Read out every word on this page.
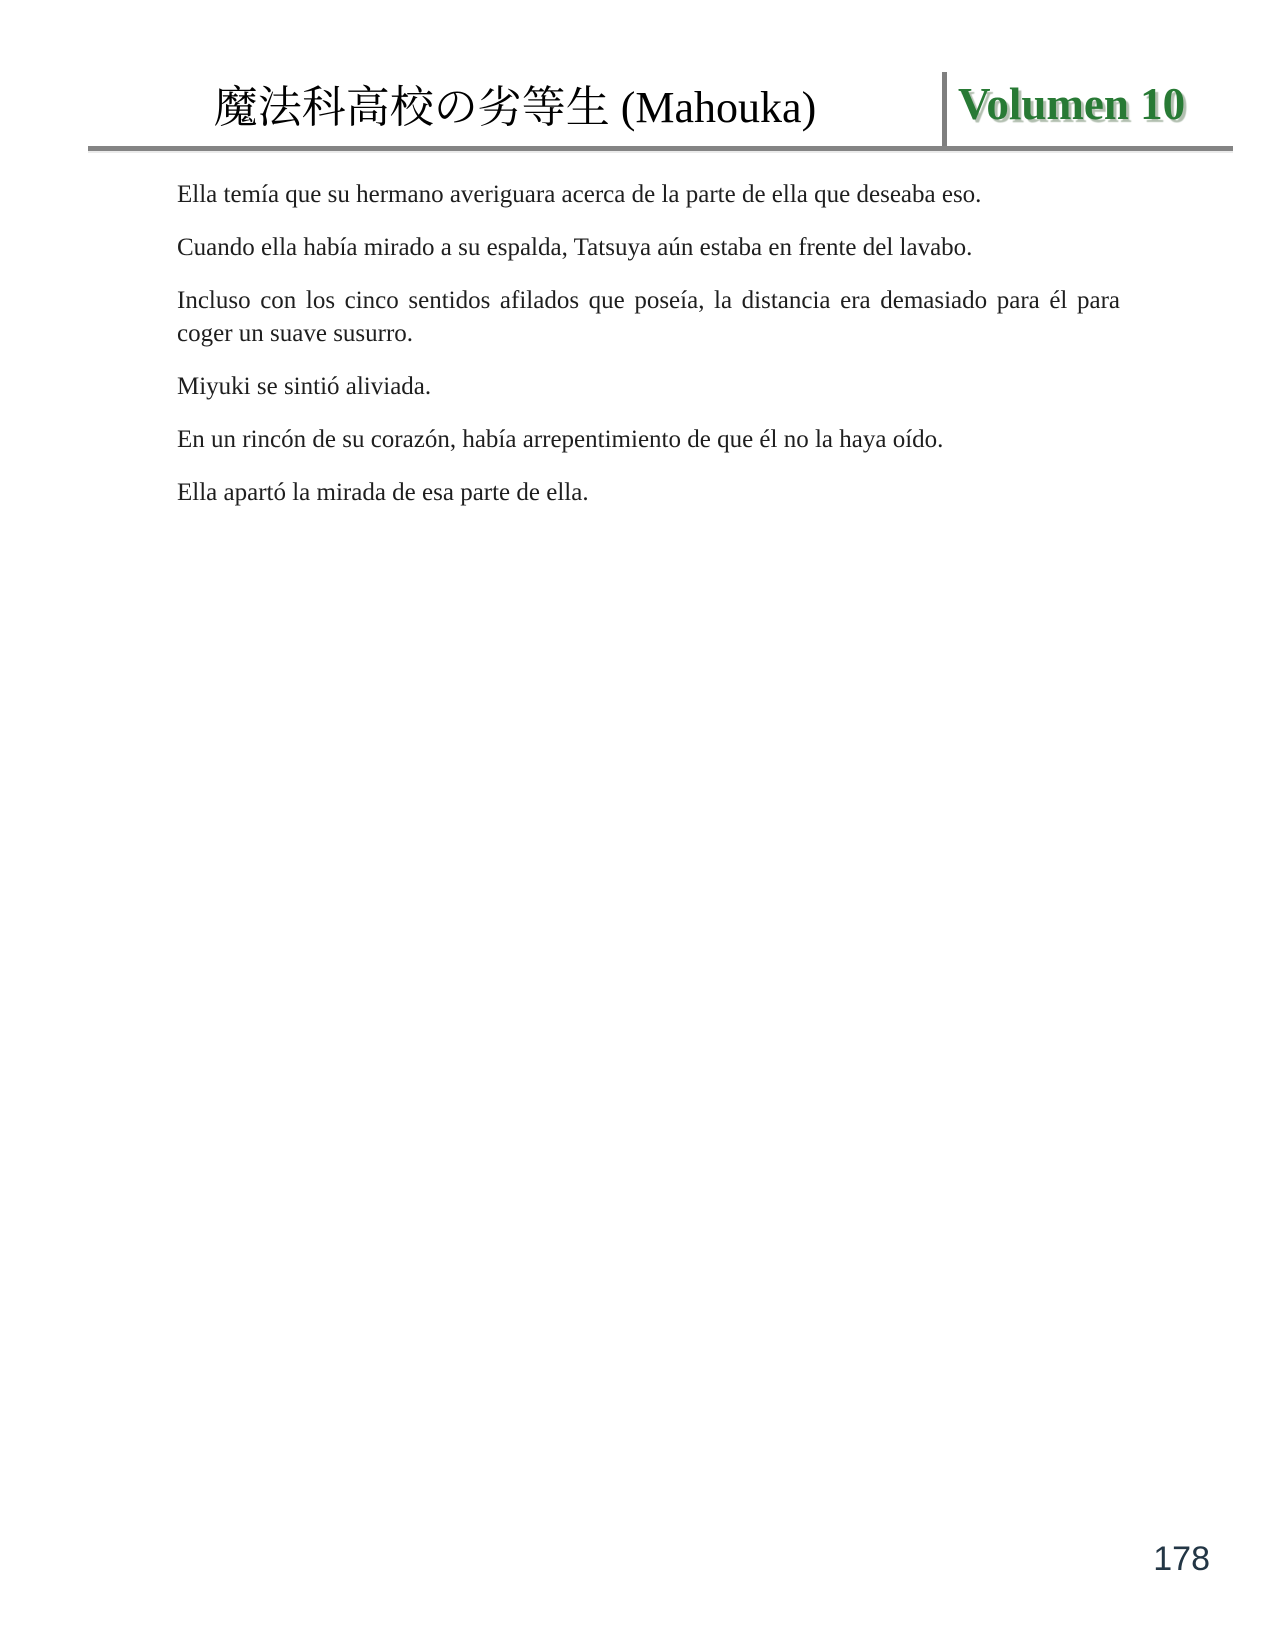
魔法科高校の劣等生 (Mahouka)	Volumen 10

Ella temía que su hermano averiguara acerca de la parte de ella que deseaba eso.

Cuando ella había mirado a su espalda, Tatsuya aún estaba en frente del lavabo.

Incluso con los cinco sentidos afilados que poseía, la distancia era demasiado para él para
coger un suave susurro.

Miyuki se sintió aliviada.

En un rincón de su corazón, había arrepentimiento de que él no la haya oído.

Ella apartó la mirada de esa parte de ella.

178
